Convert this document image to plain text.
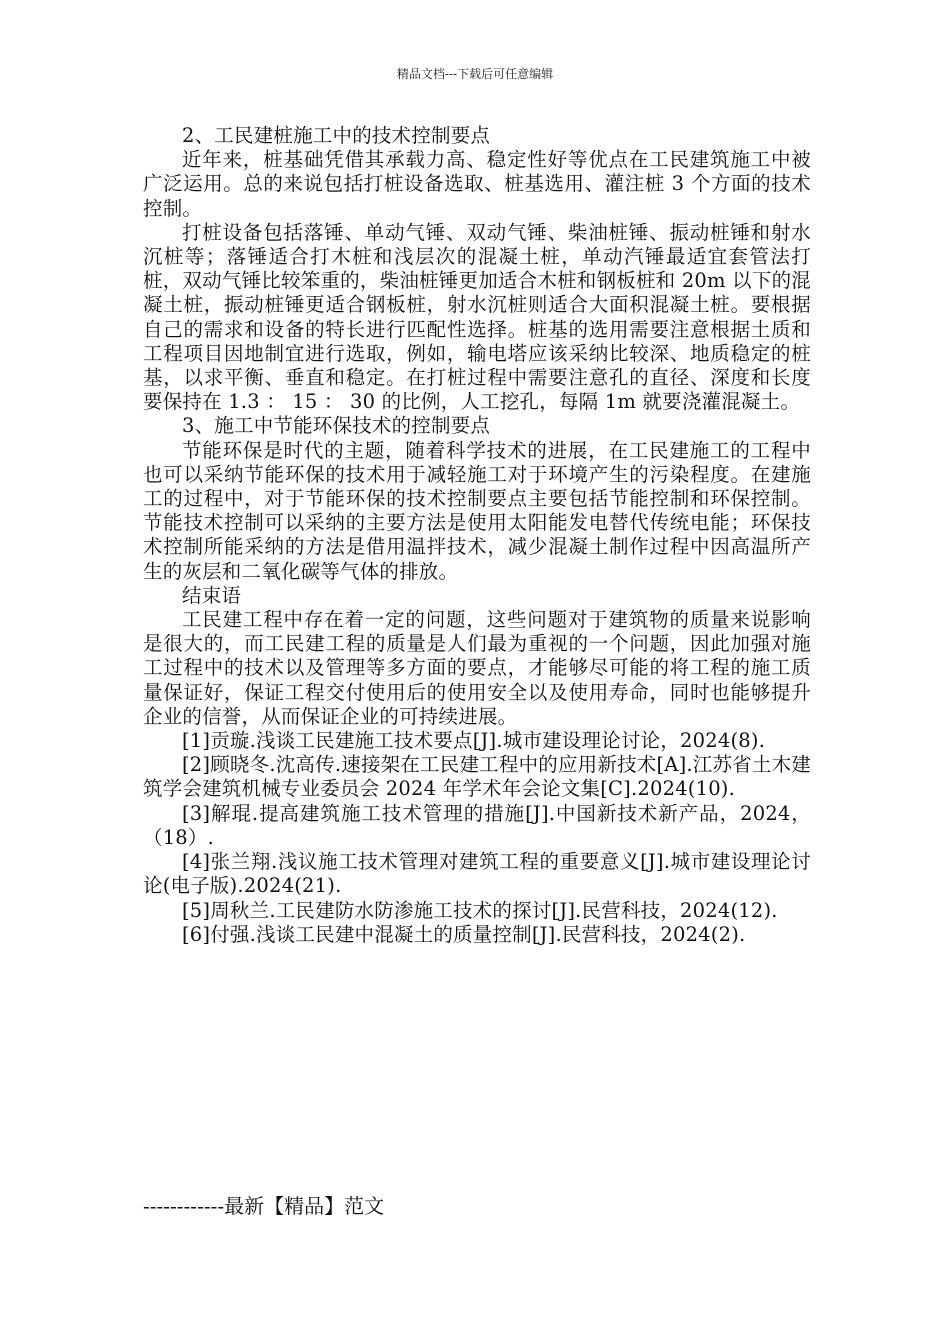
精品文档---下载后可任意编辑

2、工民建桩施工中的技术控制要点

近年来，桩基础凭借其承载力高、稳定性好等优点在工民建筑施工中被广泛运用。总的来说包括打桩设备选取、桩基选用、灌注桩 3 个方面的技术控制。

打桩设备包括落锤、单动气锤、双动气锤、柴油桩锤、振动桩锤和射水沉桩等；落锤适合打木桩和浅层次的混凝土桩，单动汽锤最适宜套管法打桩，双动气锤比较笨重的，柴油桩锤更加适合木桩和钢板桩和 20m 以下的混凝土桩，振动桩锤更适合钢板桩，射水沉桩则适合大面积混凝土桩。要根据自己的需求和设备的特长进行匹配性选择。桩基的选用需要注意根据土质和工程项目因地制宜进行选取，例如，输电塔应该采纳比较深、地质稳定的桩基，以求平衡、垂直和稳定。在打桩过程中需要注意孔的直径、深度和长度要保持在 1.3 ： 15 ： 30 的比例，人工挖孔，每隔 1m 就要浇灌混凝土。

3、施工中节能环保技术的控制要点

节能环保是时代的主题，随着科学技术的进展，在工民建施工的工程中也可以采纳节能环保的技术用于减轻施工对于环境产生的污染程度。在建施工的过程中，对于节能环保的技术控制要点主要包括节能控制和环保控制。节能技术控制可以采纳的主要方法是使用太阳能发电替代传统电能；环保技术控制所能采纳的方法是借用温拌技术，减少混凝土制作过程中因高温所产生的灰层和二氧化碳等气体的排放。

结束语

工民建工程中存在着一定的问题，这些问题对于建筑物的质量来说影响是很大的，而工民建工程的质量是人们最为重视的一个问题，因此加强对施工过程中的技术以及管理等多方面的要点，才能够尽可能的将工程的施工质量保证好，保证工程交付使用后的使用安全以及使用寿命，同时也能够提升企业的信誉，从而保证企业的可持续进展。

[1]贡璇.浅谈工民建施工技术要点[J].城市建设理论讨论，2024(8).

[2]顾晓冬.沈高传.速接架在工民建工程中的应用新技术[A].江苏省土木建筑学会建筑机械专业委员会 2024 年学术年会论文集[C].2024(10).

[3]解琨.提高建筑施工技术管理的措施[J].中国新技术新产品，2024，（18）.

[4]张兰翔.浅议施工技术管理对建筑工程的重要意义[J].城市建设理论讨论(电子版).2024(21).

[5]周秋兰.工民建防水防渗施工技术的探讨[J].民营科技，2024(12).

[6]付强.浅谈工民建中混凝土的质量控制[J].民营科技，2024(2).

------------最新【精品】范文
